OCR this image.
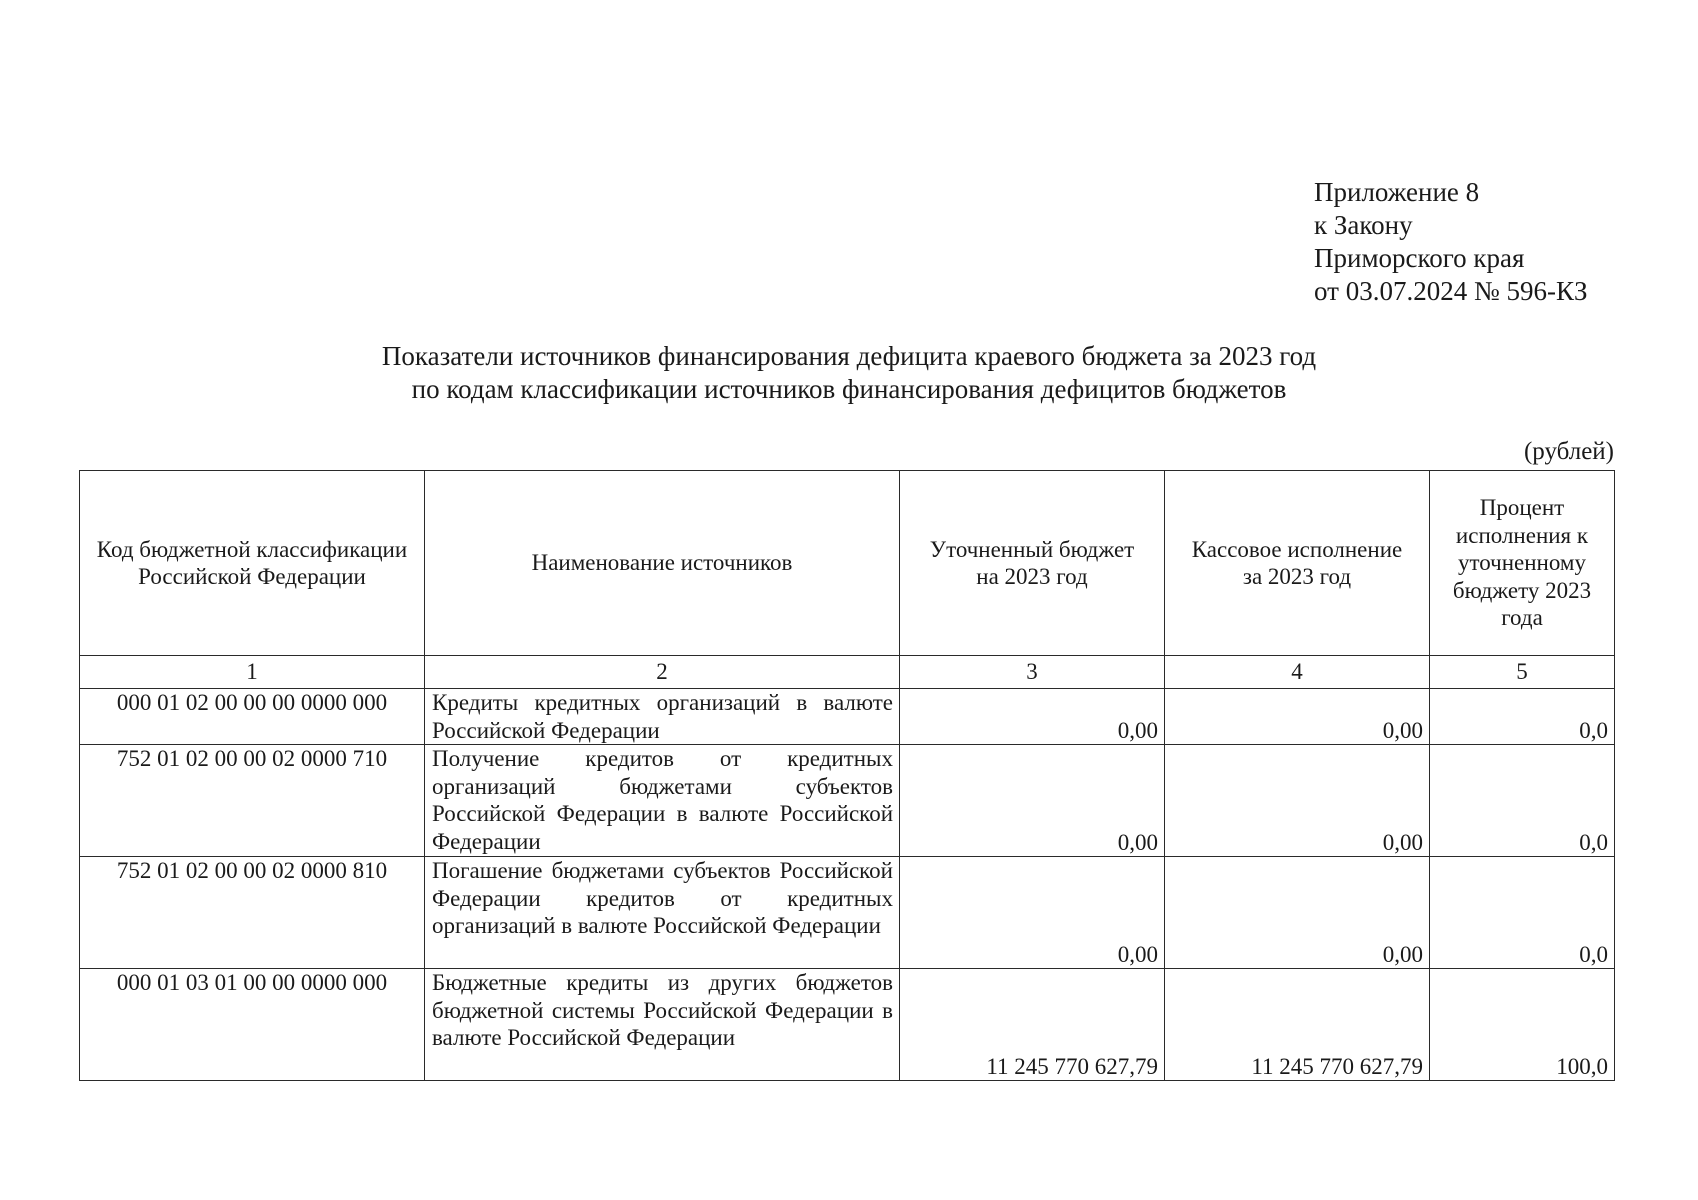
Приложение 8
к Закону
Приморского края
от 03.07.2024 № 596-КЗ
Показатели источников финансирования дефицита краевого бюджета за 2023 год
по кодам классификации источников финансирования дефицитов бюджетов
(рублей)
Код бюджетной классификации Российской Федерации	Наименование источников	Уточненный бюджет на 2023 год	Кассовое исполнение за 2023 год	Процент исполнения к уточненному бюджету 2023 года

1	2	3	4	5
000 01 02 00 00 00 0000 000	Кредиты кредитных организаций в валюте Российской Федерации	0,00	0,00	0,0
752 01 02 00 00 02 0000 710	Получение кредитов от кредитных организаций бюджетами субъектов Российской Федерации в валюте Российской Федерации	0,00	0,00	0,0
752 01 02 00 00 02 0000 810	Погашение бюджетами субъектов Российской Федерации кредитов от кредитных организаций в валюте Российской Федерации	0,00	0,00	0,0
000 01 03 01 00 00 0000 000	Бюджетные кредиты из других бюджетов бюджетной системы Российской Федерации в валюте Российской Федерации	11 245 770 627,79	11 245 770 627,79	100,0
